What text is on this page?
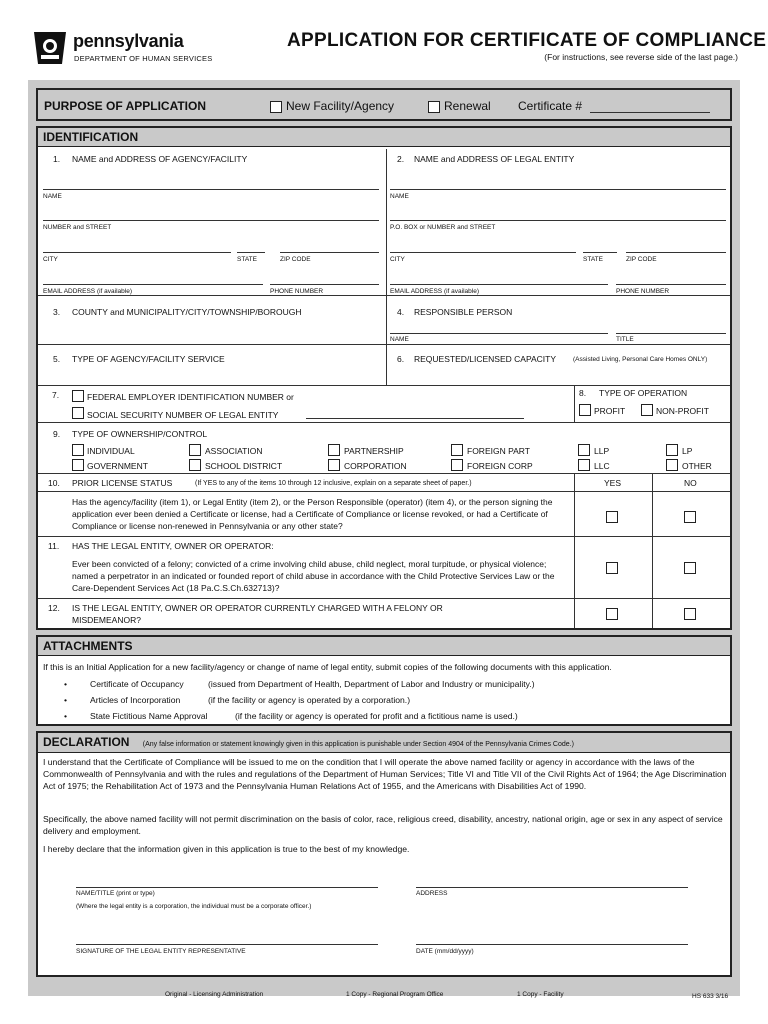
pennsylvania
DEPARTMENT OF HUMAN SERVICES
APPLICATION FOR CERTIFICATE OF COMPLIANCE
(For instructions, see reverse side of the last page.)
PURPOSE OF APPLICATION	New Facility/Agency	Renewal Certificate #
IDENTIFICATION
1. NAME and ADDRESS OF AGENCY/FACILITY
NAME
NUMBER and STREET
CITY	STATE	ZIP CODE
EMAIL ADDRESS (if available)	PHONE NUMBER
2. NAME and ADDRESS OF LEGAL ENTITY
NAME
P.O. BOX or NUMBER and STREET
CITY	STATE	ZIP CODE
EMAIL ADDRESS (if available)	PHONE NUMBER
3. COUNTY and MUNICIPALITY/CITY/TOWNSHIP/BOROUGH	4. RESPONSIBLE PERSON
NAME	TITLE
5. TYPE OF AGENCY/FACILITY SERVICE	6. REQUESTED/LICENSED CAPACITY	(Assisted Living, Personal Care Homes ONLY)
7.	FEDERAL EMPLOYER IDENTIFICATION NUMBER or
SOCIAL SECURITY NUMBER OF LEGAL ENTITY
8. TYPE OF OPERATION
PROFIT	NON-PROFIT
9. TYPE OF OWNERSHIP/CONTROL
INDIVIDUAL	ASSOCIATION	PARTNERSHIP	FOREIGN PART	LLP	LP
GOVERNMENT	SCHOOL DISTRICT	CORPORATION	FOREIGN CORP	LLC	OTHER
10. PRIOR LICENSE STATUS	(If YES to any of the items 10 through 12 inclusive, explain on a separate sheet of paper.)	YES	NO
Has the agency/facility (item 1), or Legal Entity (item 2), or the Person Responsible (operator) (item 4), or the person signing the application ever been denied a Certificate or license, had a Certificate of Compliance or license revoked, or had a Certificate of Compliance or license non-renewed in Pennsylvania or any other state?
11. HAS THE LEGAL ENTITY, OWNER OR OPERATOR:
Ever been convicted of a felony; convicted of a crime involving child abuse, child neglect, moral turpitude, or physical violence; named a perpetrator in an indicated or founded report of child abuse in accordance with the Child Protective Services Law or the Care-Dependent Services Act (18 Pa.C.S.Ch.632713)?
12. IS THE LEGAL ENTITY, OWNER OR OPERATOR CURRENTLY CHARGED WITH A FELONY OR MISDEMEANOR?
ATTACHMENTS
If this is an Initial Application for a new facility/agency or change of name of legal entity, submit copies of the following documents with this application.
•	Certificate of Occupancy	(issued from Department of Health, Department of Labor and Industry or municipality.)
•	Articles of Incorporation	(if the facility or agency is operated by a corporation.)
•	State Fictitious Name Approval	(if the facility or agency is operated for profit and a fictitious name is used.)
DECLARATION (Any false information or statement knowingly given in this application is punishable under Section 4904 of the Pennsylvania Crimes Code.)
I understand that the Certificate of Compliance will be issued to me on the condition that I will operate the above named facility or agency in accordance with the laws of the Commonwealth of Pennsylvania and with the rules and regulations of the Department of Human Services; Title VI and Title VII of the Civil Rights Act of 1964; the Age Discrimination Act of 1975; the Rehabilitation Act of 1973 and the Pennsylvania Human Relations Act of 1955, and the Americans with Disabilities Act of 1990.
Specifically, the above named facility will not permit discrimination on the basis of color, race, religious creed, disability, ancestry, national origin, age or sex in any aspect of service delivery and employment.
I hereby declare that the information given in this application is true to the best of my knowledge.
NAME/TITLE (print or type)
(Where the legal entity is a corporation, the individual must be a corporate officer.)
ADDRESS
SIGNATURE OF THE LEGAL ENTITY REPRESENTATIVE	DATE (mm/dd/yyyy)
Original - Licensing Administration	1 Copy - Regional Program Office	1 Copy - Facility	HS 633 3/16
